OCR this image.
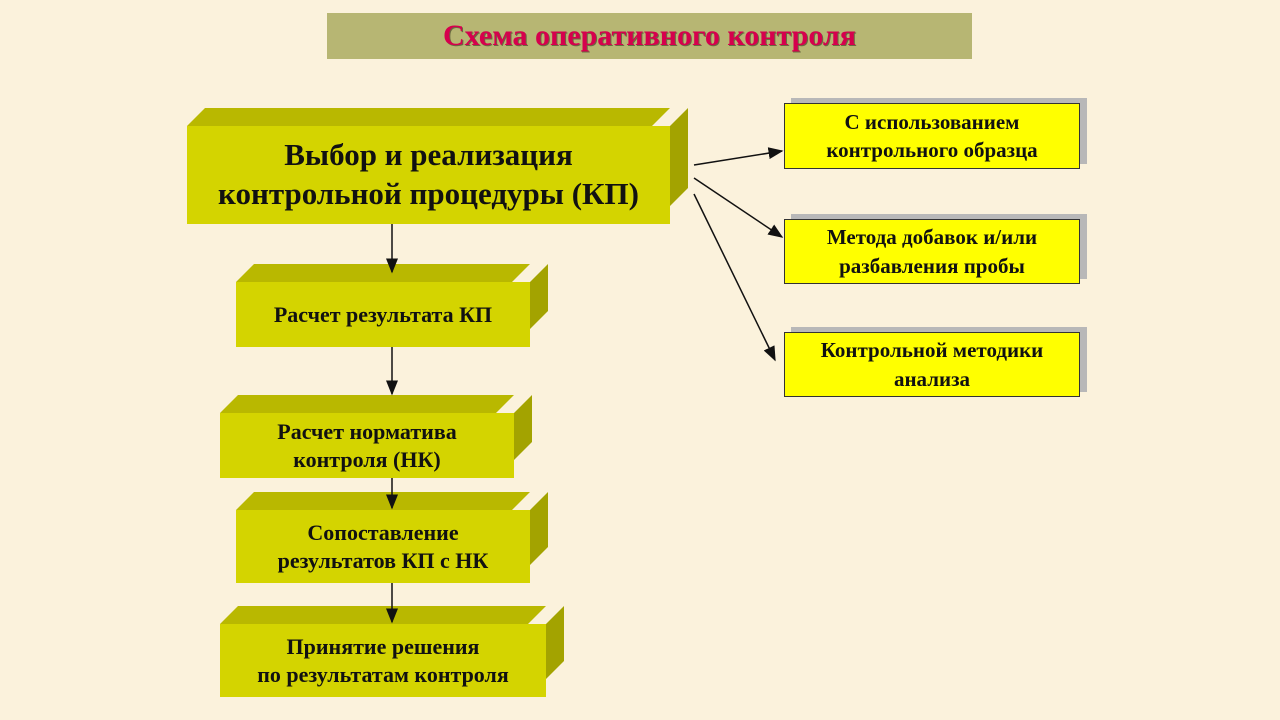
Схема оперативного контроля
Выбор и реализация
контрольной процедуры (КП)
Расчет результата КП
Расчет норматива
контроля (НК)
Сопоставление
результатов КП с НК
Принятие решения
по результатам контроля
С использованием
контрольного образца
Метода добавок и/или
разбавления пробы
Контрольной методики
анализа
